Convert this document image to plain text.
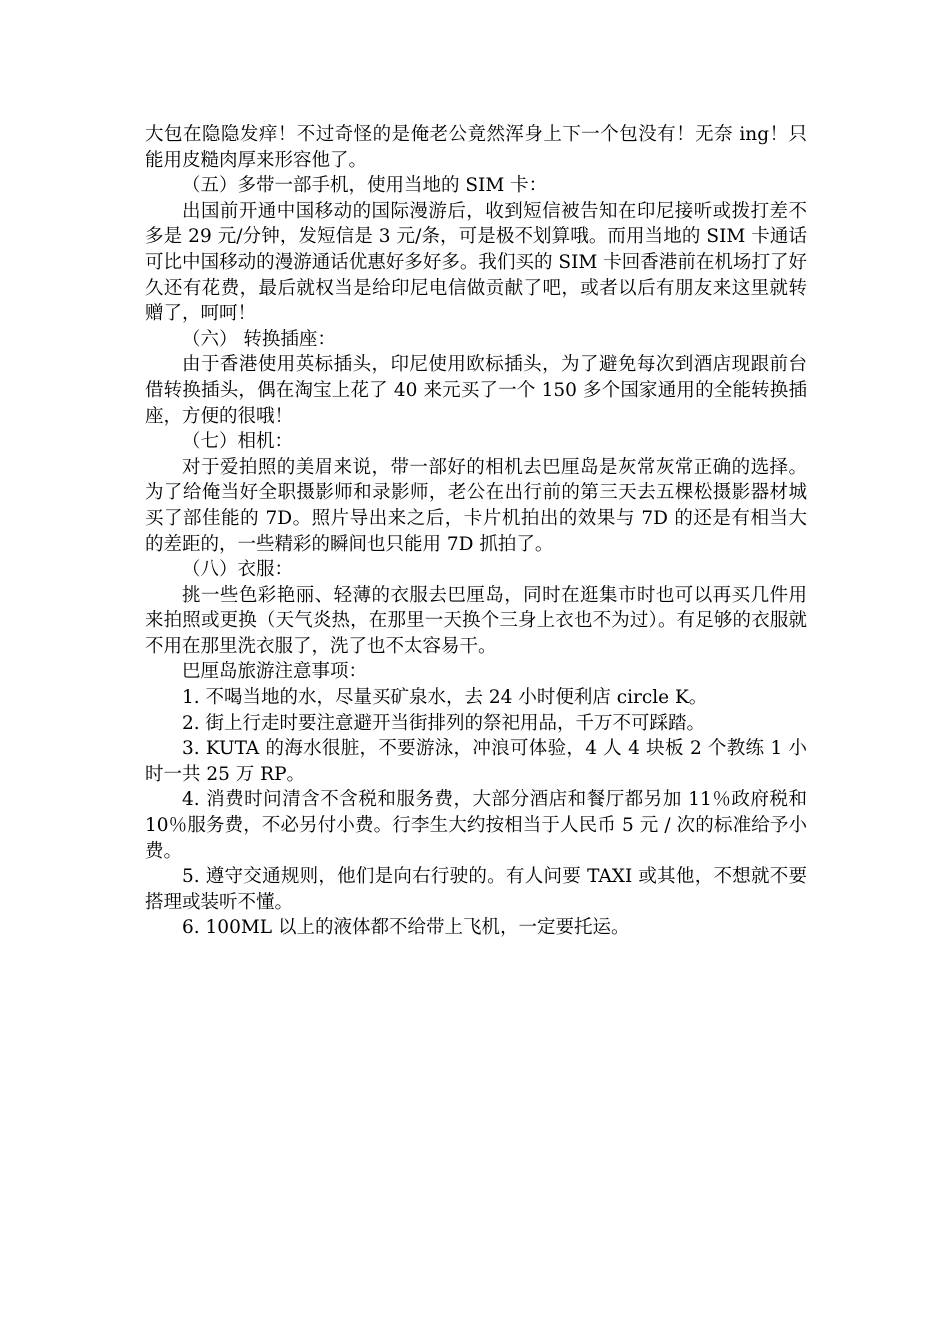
大包在隐隐发痒！不过奇怪的是俺老公竟然浑身上下一个包没有！无奈 ing！只能用皮糙肉厚来形容他了。

（五）多带一部手机，使用当地的 SIM 卡：

出国前开通中国移动的国际漫游后，收到短信被告知在印尼接听或拨打差不多是 29 元/分钟，发短信是 3 元/条，可是极不划算哦。而用当地的 SIM 卡通话可比中国移动的漫游通话优惠好多好多。我们买的 SIM 卡回香港前在机场打了好久还有花费，最后就权当是给印尼电信做贡献了吧，或者以后有朋友来这里就转赠了，呵呵！

（六） 转换插座：

由于香港使用英标插头，印尼使用欧标插头，为了避免每次到酒店现跟前台借转换插头，偶在淘宝上花了 40 来元买了一个 150 多个国家通用的全能转换插座，方便的很哦！

（七）相机：

对于爱拍照的美眉来说，带一部好的相机去巴厘岛是灰常灰常正确的选择。为了给俺当好全职摄影师和录影师，老公在出行前的第三天去五棵松摄影器材城买了部佳能的 7D。照片导出来之后，卡片机拍出的效果与 7D 的还是有相当大的差距的，一些精彩的瞬间也只能用 7D 抓拍了。

（八）衣服：

挑一些色彩艳丽、轻薄的衣服去巴厘岛，同时在逛集市时也可以再买几件用来拍照或更换（天气炎热，在那里一天换个三身上衣也不为过）。有足够的衣服就不用在那里洗衣服了，洗了也不太容易干。

巴厘岛旅游注意事项：

1. 不喝当地的水，尽量买矿泉水，去 24 小时便利店 circle K。

2. 街上行走时要注意避开当街排列的祭祀用品，千万不可踩踏。

3. KUTA 的海水很脏，不要游泳，冲浪可体验，4 人 4 块板 2 个教练 1 小时一共 25 万 RP。

4. 消费时问清含不含税和服务费，大部分酒店和餐厅都另加 11％政府税和 10％服务费，不必另付小费。行李生大约按相当于人民币 5 元 / 次的标准给予小费。

5. 遵守交通规则，他们是向右行驶的。有人问要 TAXI 或其他，不想就不要搭理或装听不懂。

6. 100ML 以上的液体都不给带上飞机，一定要托运。
